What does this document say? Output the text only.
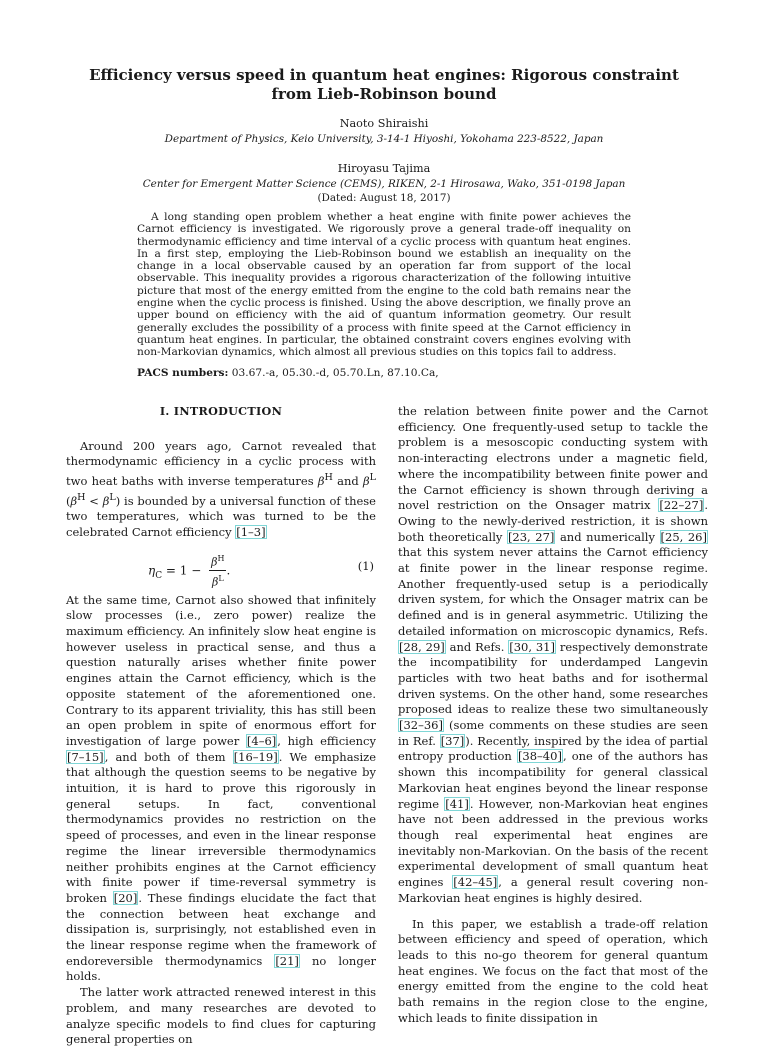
Efficiency versus speed in quantum heat engines: Rigorous constraint from Lieb-Robinson bound
Naoto Shiraishi
Department of Physics, Keio University, 3-14-1 Hiyoshi, Yokohama 223-8522, Japan
Hiroyasu Tajima
Center for Emergent Matter Science (CEMS), RIKEN, 2-1 Hirosawa, Wako, 351-0198 Japan
(Dated: August 18, 2017)

A long standing open problem whether a heat engine with finite power achieves the Carnot efficiency is investigated. We rigorously prove a general trade-off inequality on thermodynamic efficiency and time interval of a cyclic process with quantum heat engines. In a first step, employing the Lieb-Robinson bound we establish an inequality on the change in a local observable caused by an operation far from support of the local observable. This inequality provides a rigorous characterization of the following intuitive picture that most of the energy emitted from the engine to the cold bath remains near the engine when the cyclic process is finished. Using the above description, we finally prove an upper bound on efficiency with the aid of quantum information geometry. Our result generally excludes the possibility of a process with finite speed at the Carnot efficiency in quantum heat engines. In particular, the obtained constraint covers engines evolving with non-Markovian dynamics, which almost all previous studies on this topics fail to address.

PACS numbers: 03.67.-a, 05.30.-d, 05.70.Ln, 87.10.Ca,

I. INTRODUCTION

Around 200 years ago, Carnot revealed that thermodynamic efficiency in a cyclic process with two heat baths with inverse temperatures $\beta^H$ and $\beta^L$ $(\beta^H < \beta^L)$ is bounded by a universal function of these two temperatures, which was turned to be the celebrated Carnot efficiency [1–3]

$\eta_C = 1 - \frac{\beta^H}{\beta^L}$ .	(1)

At the same time, Carnot also showed that infinitely slow processes (i.e., zero power) realize the maximum efficiency. An infinitely slow heat engine is however useless in practical sense, and thus a question naturally arises whether finite power engines attain the Carnot efficiency, which is the opposite statement of the aforementioned one. Contrary to its apparent triviality, this has still been an open problem in spite of enormous effort for investigation of large power [4–6], high efficiency [7–15], and both of them [16–19]. We emphasize that although the question seems to be negative by intuition, it is hard to prove this rigorously in general setups. In fact, conventional thermodynamics provides no restriction on the speed of processes, and even in the linear response regime the linear irreversible thermodynamics neither prohibits engines at the Carnot efficiency with finite power if time-reversal symmetry is broken [20]. These findings elucidate the fact that the connection between heat exchange and dissipation is, surprisingly, not established even in the linear response regime when the framework of endoreversible thermodynamics [21] no longer holds.

The latter work attracted renewed interest in this problem, and many researches are devoted to analyze specific models to find clues for capturing general properties on

the relation between finite power and the Carnot efficiency. One frequently-used setup to tackle the problem is a mesoscopic conducting system with non-interacting electrons under a magnetic field, where the incompatibility between finite power and the Carnot efficiency is shown through deriving a novel restriction on the Onsager matrix [22–27]. Owing to the newly-derived restriction, it is shown both theoretically [23, 27] and numerically [25, 26] that this system never attains the Carnot efficiency at finite power in the linear response regime. Another frequently-used setup is a periodically driven system, for which the Onsager matrix can be defined and is in general asymmetric. Utilizing the detailed information on microscopic dynamics, Refs. [28, 29] and Refs. [30, 31] respectively demonstrate the incompatibility for underdamped Langevin particles with two heat baths and for isothermal driven systems. On the other hand, some researches proposed ideas to realize these two simultaneously [32–36] (some comments on these studies are seen in Ref. [37]). Recently, inspired by the idea of partial entropy production [38–40], one of the authors has shown this incompatibility for general classical Markovian heat engines beyond the linear response regime [41]. However, non-Markovian heat engines have not been addressed in the previous works though real experimental heat engines are inevitably non-Markovian. On the basis of the recent experimental development of small quantum heat engines [42–45], a general result covering non-Markovian heat engines is highly desired.

In this paper, we establish a trade-off relation between efficiency and speed of operation, which leads to this no-go theorem for general quantum heat engines. We focus on the fact that most of the energy emitted from the engine to the cold heat bath remains in the region close to the engine, which leads to finite dissipation in
